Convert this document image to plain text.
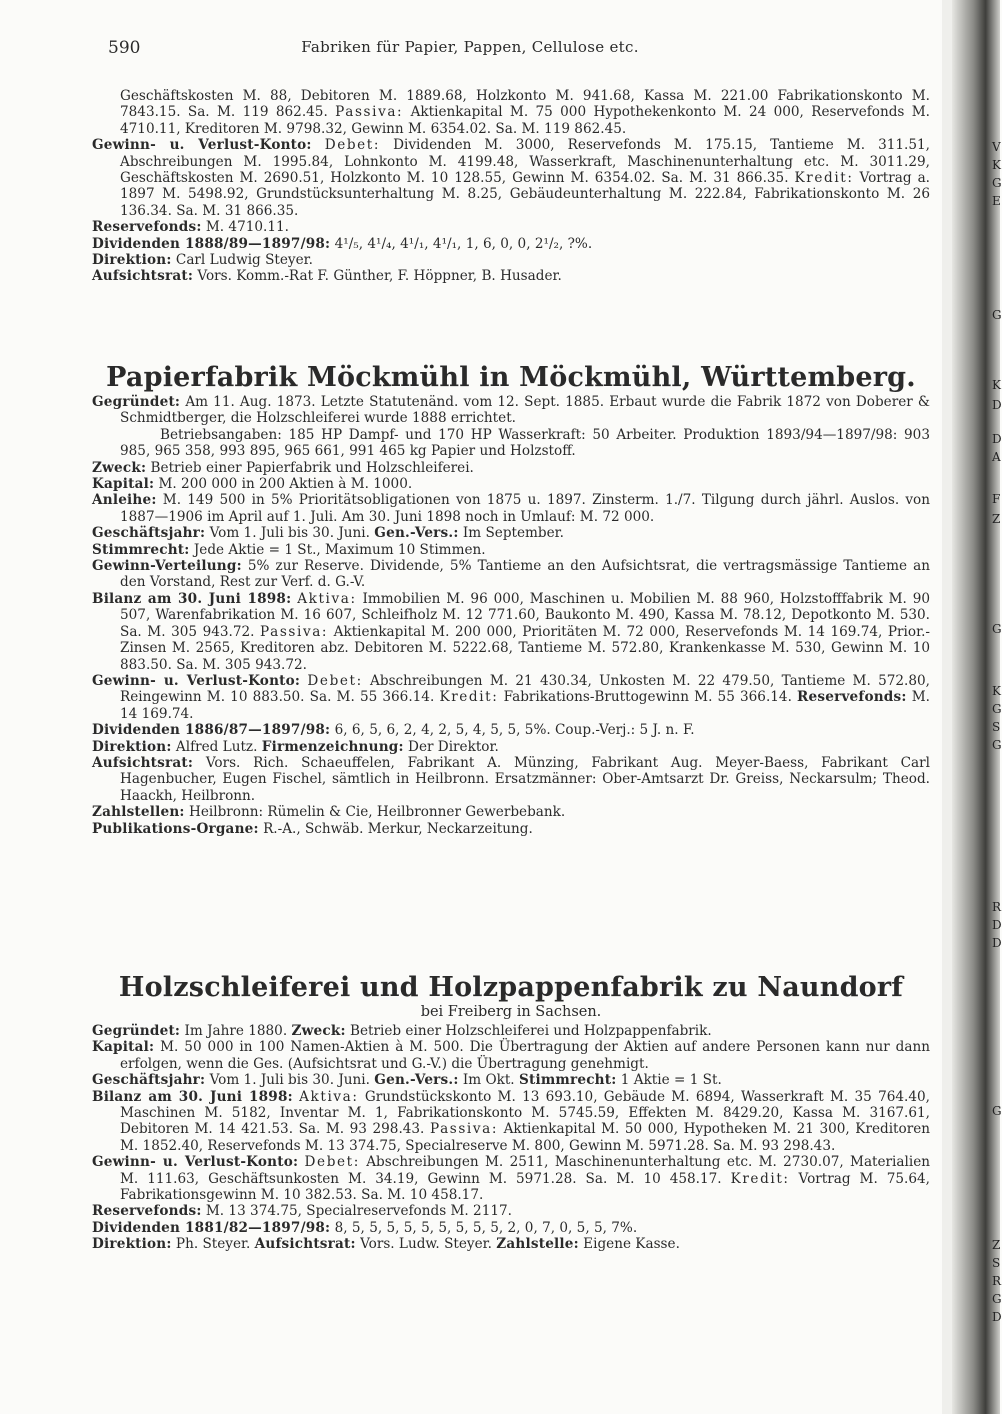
590	Fabriken für Papier, Pappen, Cellulose etc.

Geschäftskosten M. 88, Debitoren M. 1889.68, Holzkonto M. 941.68, Kassa M. 221.00 Fabrikationskonto M. 7843.15. Sa. M. 119 862.45. Passiva: Aktienkapital M. 75 000 Hypothekenkonto M. 24 000, Reservefonds M. 4710.11, Kreditoren M. 9798.32, Gewinn M. 6354.02. Sa. M. 119 862.45.

Gewinn- u. Verlust-Konto: Debet: Dividenden M. 3000, Reservefonds M. 175.15, Tantieme M. 311.51, Abschreibungen M. 1995.84, Lohnkonto M. 4199.48, Wasserkraft, Maschinenunterhaltung etc. M. 3011.29, Geschäftskosten M. 2690.51, Holzkonto M. 10 128.55, Gewinn M. 6354.02. Sa. M. 31 866.35. Kredit: Vortrag a. 1897 M. 5498.92, Grundstücksunterhaltung M. 8.25, Gebäudeunterhaltung M. 222.84, Fabrikationskonto M. 26 136.34. Sa. M. 31 866.35.

Reservefonds: M. 4710.11.

Dividenden 1888/89—1897/98: 4¹/₅, 4¹/₄, 4¹/₁, 4¹/₁, 1, 6, 0, 0, 2¹/₂, ?%.

Direktion: Carl Ludwig Steyer.

Aufsichtsrat: Vors. Komm.-Rat F. Günther, F. Höppner, B. Husader.

Papierfabrik Möckmühl in Möckmühl, Württemberg.

Gegründet: Am 11. Aug. 1873. Letzte Statutenänd. vom 12. Sept. 1885. Erbaut wurde die Fabrik 1872 von Doberer & Schmidtberger, die Holzschleiferei wurde 1888 errichtet.

Betriebsangaben: 185 HP Dampf- und 170 HP Wasserkraft: 50 Arbeiter. Produktion 1893/94—1897/98: 903 985, 965 358, 993 895, 965 661, 991 465 kg Papier und Holzstoff.

Zweck: Betrieb einer Papierfabrik und Holzschleiferei.

Kapital: M. 200 000 in 200 Aktien à M. 1000.

Anleihe: M. 149 500 in 5% Prioritätsobligationen von 1875 u. 1897. Zinsterm. 1./7. Tilgung durch jährl. Auslos. von 1887—1906 im April auf 1. Juli. Am 30. Juni 1898 noch in Umlauf: M. 72 000.

Geschäftsjahr: Vom 1. Juli bis 30. Juni. Gen.-Vers.: Im September.

Stimmrecht: Jede Aktie = 1 St., Maximum 10 Stimmen.

Gewinn-Verteilung: 5% zur Reserve. Dividende, 5% Tantieme an den Aufsichtsrat, die vertragsmässige Tantieme an den Vorstand, Rest zur Verf. d. G.-V.

Bilanz am 30. Juni 1898: Aktiva: Immobilien M. 96 000, Maschinen u. Mobilien M. 88 960, Holzstofffabrik M. 90 507, Warenfabrikation M. 16 607, Schleifholz M. 12 771.60, Baukonto M. 490, Kassa M. 78.12, Depotkonto M. 530. Sa. M. 305 943.72. Passiva: Aktienkapital M. 200 000, Prioritäten M. 72 000, Reservefonds M. 14 169.74, Prior.-Zinsen M. 2565, Kreditoren abz. Debitoren M. 5222.68, Tantieme M. 572.80, Krankenkasse M. 530, Gewinn M. 10 883.50. Sa. M. 305 943.72.

Gewinn- u. Verlust-Konto: Debet: Abschreibungen M. 21 430.34, Unkosten M. 22 479.50, Tantieme M. 572.80, Reingewinn M. 10 883.50. Sa. M. 55 366.14. Kredit: Fabrikations-Bruttogewinn M. 55 366.14. Reservefonds: M. 14 169.74.

Dividenden 1886/87—1897/98: 6, 6, 5, 6, 2, 4, 2, 5, 4, 5, 5, 5%. Coup.-Verj.: 5 J. n. F.

Direktion: Alfred Lutz. Firmenzeichnung: Der Direktor.

Aufsichtsrat: Vors. Rich. Schaeuffelen, Fabrikant A. Münzing, Fabrikant Aug. Meyer-Baess, Fabrikant Carl Hagenbucher, Eugen Fischel, sämtlich in Heilbronn. Ersatzmänner: Ober-Amtsarzt Dr. Greiss, Neckarsulm; Theod. Haackh, Heilbronn.

Zahlstellen: Heilbronn: Rümelin & Cie, Heilbronner Gewerbebank.

Publikations-Organe: R.-A., Schwäb. Merkur, Neckarzeitung.

Holzschleiferei und Holzpappenfabrik zu Naundorf
bei Freiberg in Sachsen.

Gegründet: Im Jahre 1880. Zweck: Betrieb einer Holzschleiferei und Holzpappenfabrik.

Kapital: M. 50 000 in 100 Namen-Aktien à M. 500. Die Übertragung der Aktien auf andere Personen kann nur dann erfolgen, wenn die Ges. (Aufsichtsrat und G.-V.) die Übertragung genehmigt.

Geschäftsjahr: Vom 1. Juli bis 30. Juni. Gen.-Vers.: Im Okt. Stimmrecht: 1 Aktie = 1 St.

Bilanz am 30. Juni 1898: Aktiva: Grundstückskonto M. 13 693.10, Gebäude M. 6894, Wasserkraft M. 35 764.40, Maschinen M. 5182, Inventar M. 1, Fabrikationskonto M. 5745.59, Effekten M. 8429.20, Kassa M. 3167.61, Debitoren M. 14 421.53. Sa. M. 93 298.43. Passiva: Aktienkapital M. 50 000, Hypotheken M. 21 300, Kreditoren M. 1852.40, Reservefonds M. 13 374.75, Specialreserve M. 800, Gewinn M. 5971.28. Sa. M. 93 298.43.

Gewinn- u. Verlust-Konto: Debet: Abschreibungen M. 2511, Maschinenunterhaltung etc. M. 2730.07, Materialien M. 111.63, Geschäftsunkosten M. 34.19, Gewinn M. 5971.28. Sa. M. 10 458.17. Kredit: Vortrag M. 75.64, Fabrikationsgewinn M. 10 382.53. Sa. M. 10 458.17.

Reservefonds: M. 13 374.75, Specialreservefonds M. 2117.

Dividenden 1881/82—1897/98: 8, 5, 5, 5, 5, 5, 5, 5, 5, 5, 2, 0, 7, 0, 5, 5, 7%.

Direktion: Ph. Steyer. Aufsichtsrat: Vors. Ludw. Steyer. Zahlstelle: Eigene Kasse.

V
K
G
E
G
K
D
D
A
F
Z
G
K
G
S
G
R
D
D
G
Z
S
R
G
D
